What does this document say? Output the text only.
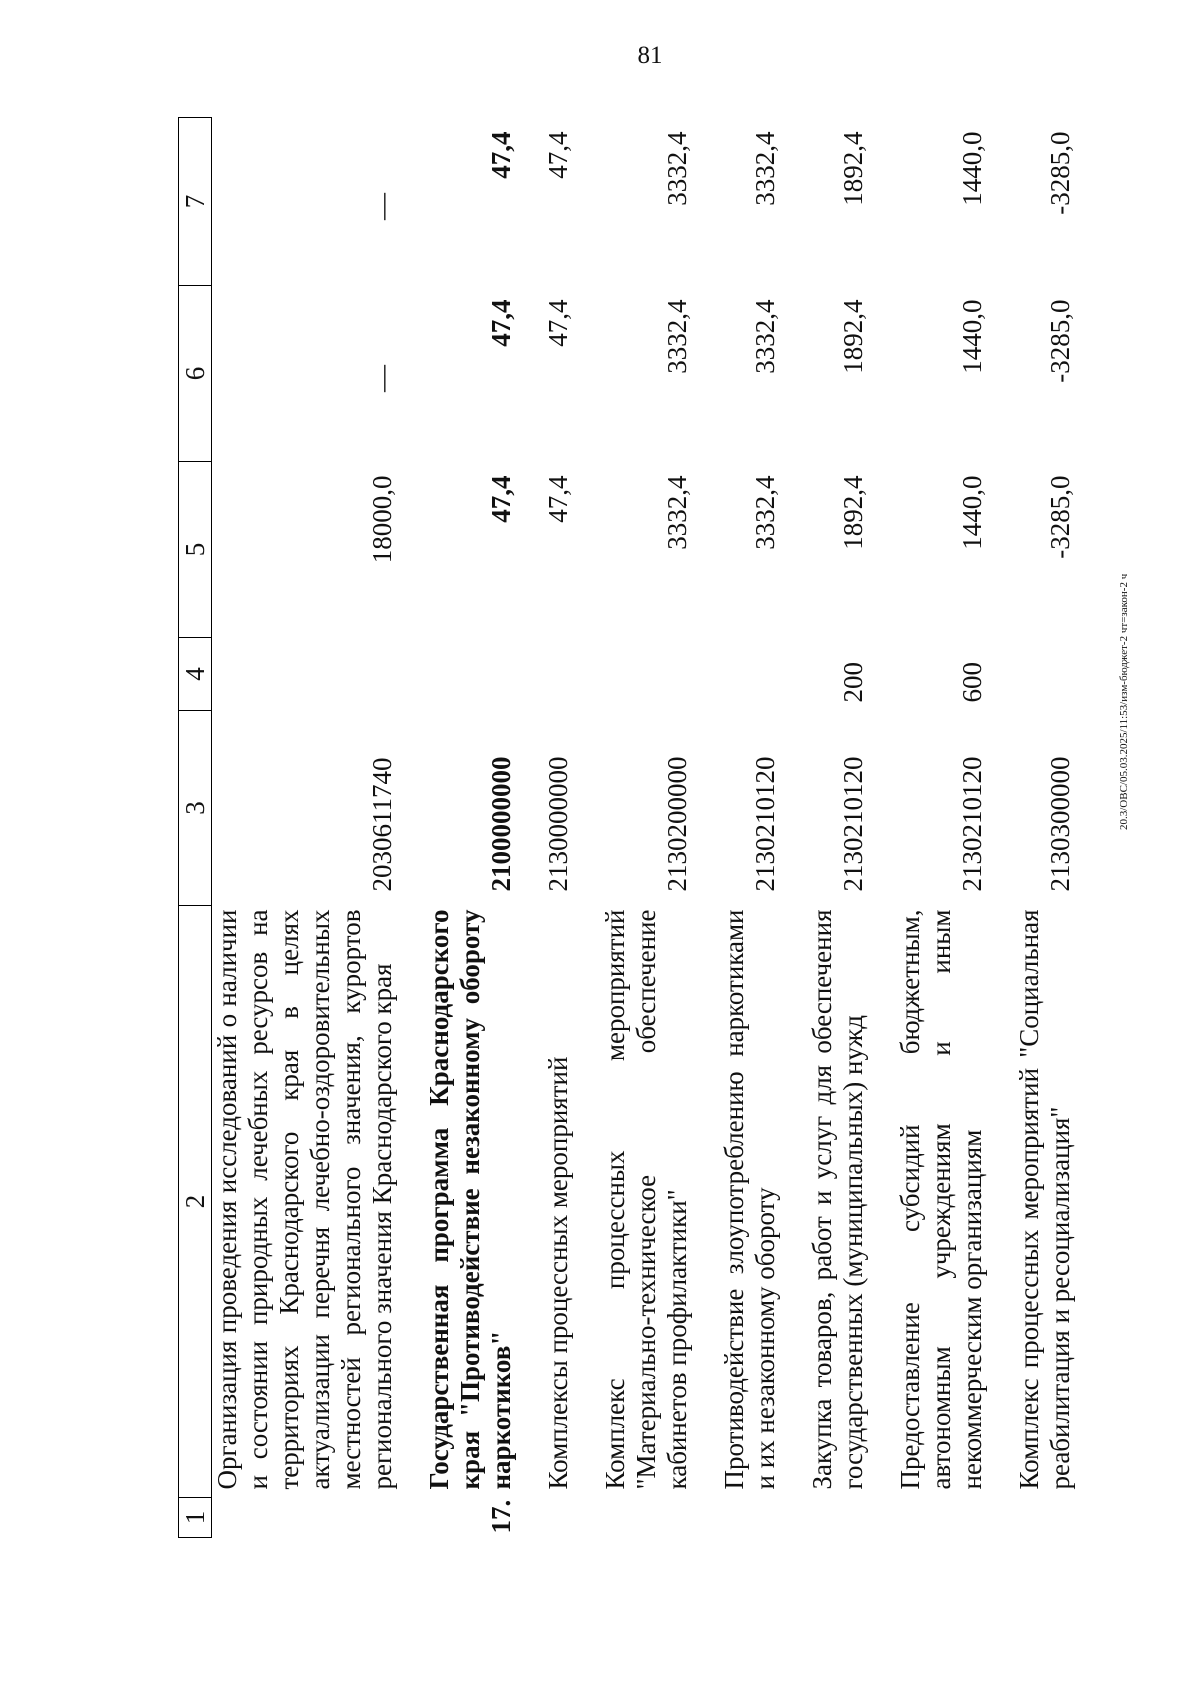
81
20.3/OBC/05.03.2025/11:53/изм-бюджет-2 чт=закон-2 ч
1	2	3	4	5	6	7
	Организация проведения исследований о наличии и состоянии природных лечебных ресурсов на территориях Краснодарского края в целях актуализации перечня лечебно-оздоровительных местностей регионального значения, курортов регионального значения Краснодарского края	2030611740		18000,0	—	—
17.	Государственная программа Краснодарского края "Противодействие незаконному обороту наркотиков"	2100000000		47,4	47,4	47,4
	Комплексы процессных мероприятий	2130000000		47,4	47,4	47,4
	Комплекс процессных мероприятий "Материально-техническое обеспечение кабинетов профилактики"	2130200000		3332,4	3332,4	3332,4
	Противодействие злоупотреблению наркотиками и их незаконному обороту	2130210120		3332,4	3332,4	3332,4
	Закупка товаров, работ и услуг для обеспечения государственных (муниципальных) нужд	2130210120	200	1892,4	1892,4	1892,4
	Предоставление субсидий бюджетным, автономным учреждениям и иным некоммерческим организациям	2130210120	600	1440,0	1440,0	1440,0
	Комплекс процессных мероприятий "Социальная реабилитация и ресоциализация"	2130300000		-3285,0	-3285,0	-3285,0
